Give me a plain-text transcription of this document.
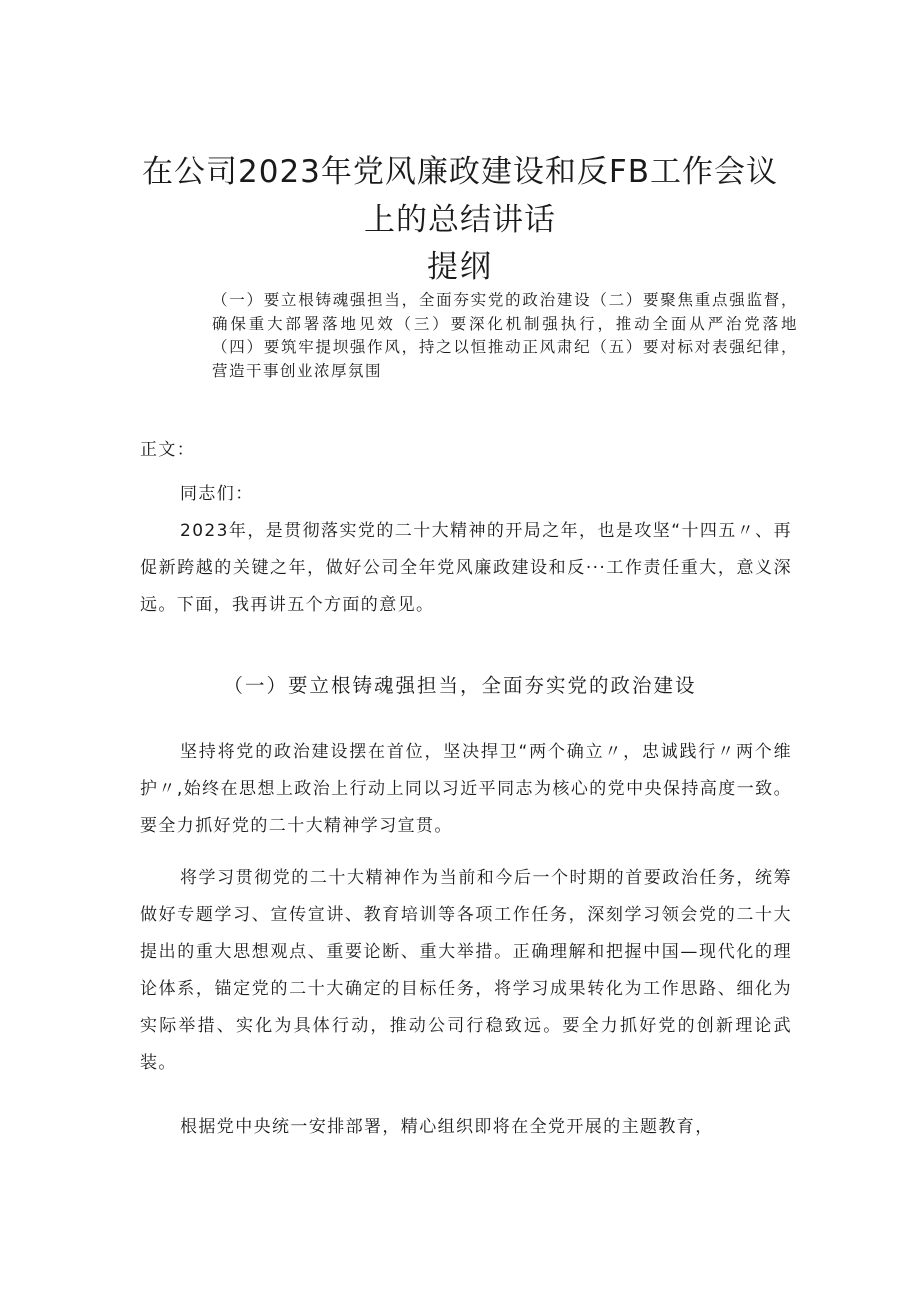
在公司2023年党风廉政建设和反FB工作会议
上的总结讲话
提纲
（一）要立根铸魂强担当，全面夯实党的政治建设（二）要聚焦重点强监督，确保重大部署落地见效（三）要深化机制强执行，推动全面从严治党落地（四）要筑牢提坝强作风，持之以恒推动正风肃纪（五）要对标对表强纪律，营造干事创业浓厚氛围
正文：
同志们：
2023年，是贯彻落实党的二十大精神的开局之年，也是攻坚“十四五〃、再促新跨越的关键之年，做好公司全年党风廉政建设和反···工作责任重大，意义深远。下面，我再讲五个方面的意见。
（一）要立根铸魂强担当，全面夯实党的政治建设
坚持将党的政治建设摆在首位，坚决捍卫“两个确立〃，忠诚践行〃两个维护〃,始终在思想上政治上行动上同以习近平同志为核心的党中央保持高度一致。要全力抓好党的二十大精神学习宣贯。
将学习贯彻党的二十大精神作为当前和今后一个时期的首要政治任务，统筹做好专题学习、宣传宣讲、教育培训等各项工作任务，深刻学习领会党的二十大提出的重大思想观点、重要论断、重大举措。正确理解和把握中国—现代化的理论体系，锚定党的二十大确定的目标任务，将学习成果转化为工作思路、细化为实际举措、实化为具体行动，推动公司行稳致远。要全力抓好党的创新理论武装。
根据党中央统一安排部署，精心组织即将在全党开展的主题教育，
